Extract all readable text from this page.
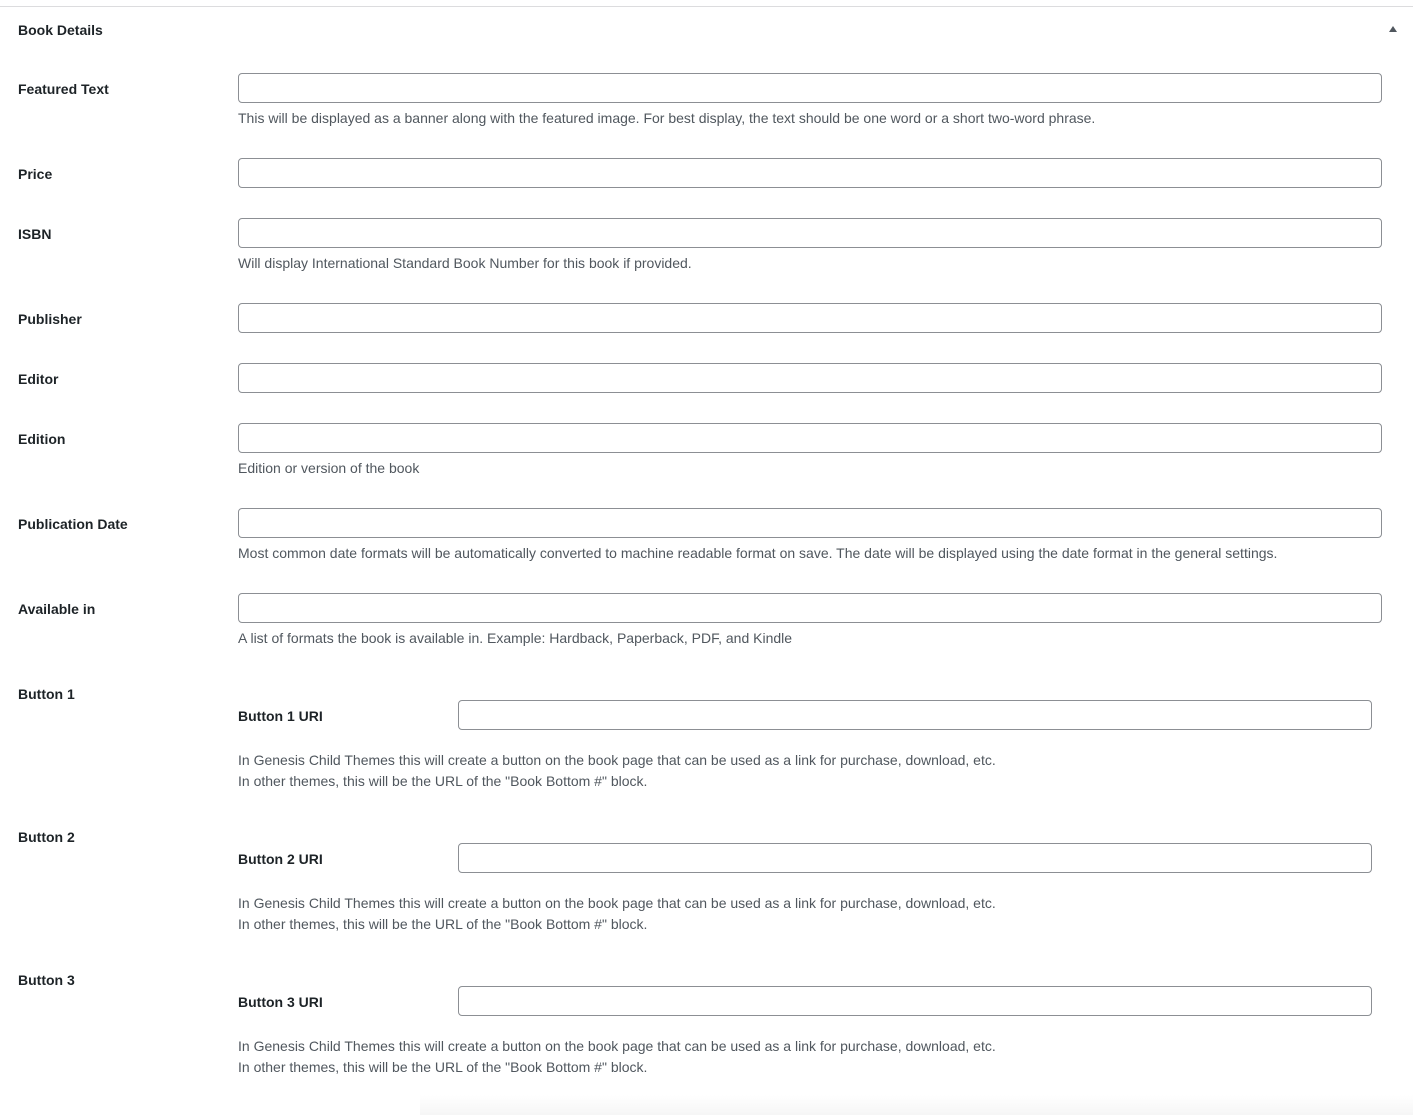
Book Details
Featured Text
This will be displayed as a banner along with the featured image. For best display, the text should be one word or a short two-word phrase.
Price
ISBN
Will display International Standard Book Number for this book if provided.
Publisher
Editor
Edition
Edition or version of the book
Publication Date
Most common date formats will be automatically converted to machine readable format on save. The date will be displayed using the date format in the general settings.
Available in
A list of formats the book is available in. Example: Hardback, Paperback, PDF, and Kindle
Button 1
Button 1 URI
In Genesis Child Themes this will create a button on the book page that can be used as a link for purchase, download, etc.
In other themes, this will be the URL of the "Book Bottom #" block.
Button 2
Button 2 URI
In Genesis Child Themes this will create a button on the book page that can be used as a link for purchase, download, etc.
In other themes, this will be the URL of the "Book Bottom #" block.
Button 3
Button 3 URI
In Genesis Child Themes this will create a button on the book page that can be used as a link for purchase, download, etc.
In other themes, this will be the URL of the "Book Bottom #" block.
